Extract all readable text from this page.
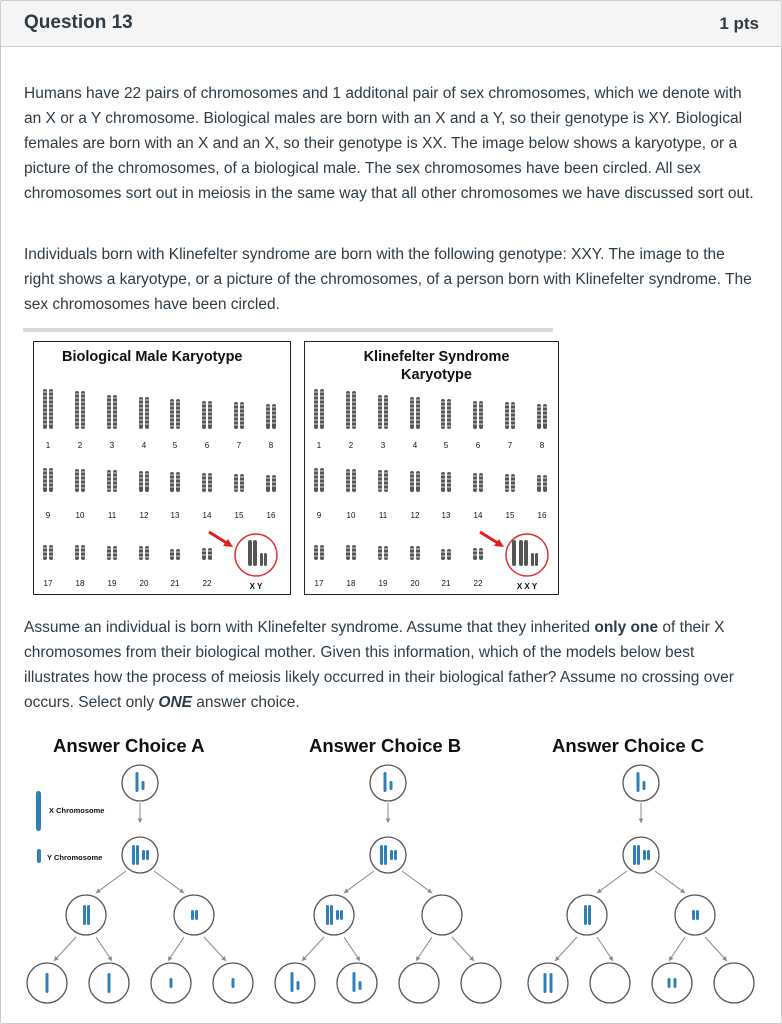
Question 13	1 pts

Humans have 22 pairs of chromosomes and 1 additonal pair of sex chromosomes, which we denote with an X or a Y chromosome. Biological males are born with an X and a Y, so their genotype is XY. Biological females are born with an X and an X, so their genotype is XX. The image below shows a karyotype, or a picture of the chromosomes, of a biological male. The sex chromosomes have been circled. All sex chromosomes sort out in meiosis in the same way that all other chromosomes we have discussed sort out.

Individuals born with Klinefelter syndrome are born with the following genotype: XXY. The image to the right shows a karyotype, or a picture of the chromosomes, of a person born with Klinefelter syndrome. The sex chromosomes have been circled.

Biological Male Karyotype
1	2	3	4	5	6	7	8
9	10	11	12	13	14	15	16
17	18	19	20	21	22	X Y
Klinefelter Syndrome
Karyotype
1	2	3	4	5	6	7	8
9	10	11	12	13	14	15	16
17	18	19	20	21	22	X X Y

Assume an individual is born with Klinefelter syndrome. Assume that they inherited only one of their X chromosomes from their biological mother. Given this information, which of the models below best illustrates how the process of meiosis likely occurred in their biological father? Assume no crossing over occurs. Select only ONE answer choice.

Answer Choice A	Answer Choice B	Answer Choice C
X Chromosome
Y Chromosome
